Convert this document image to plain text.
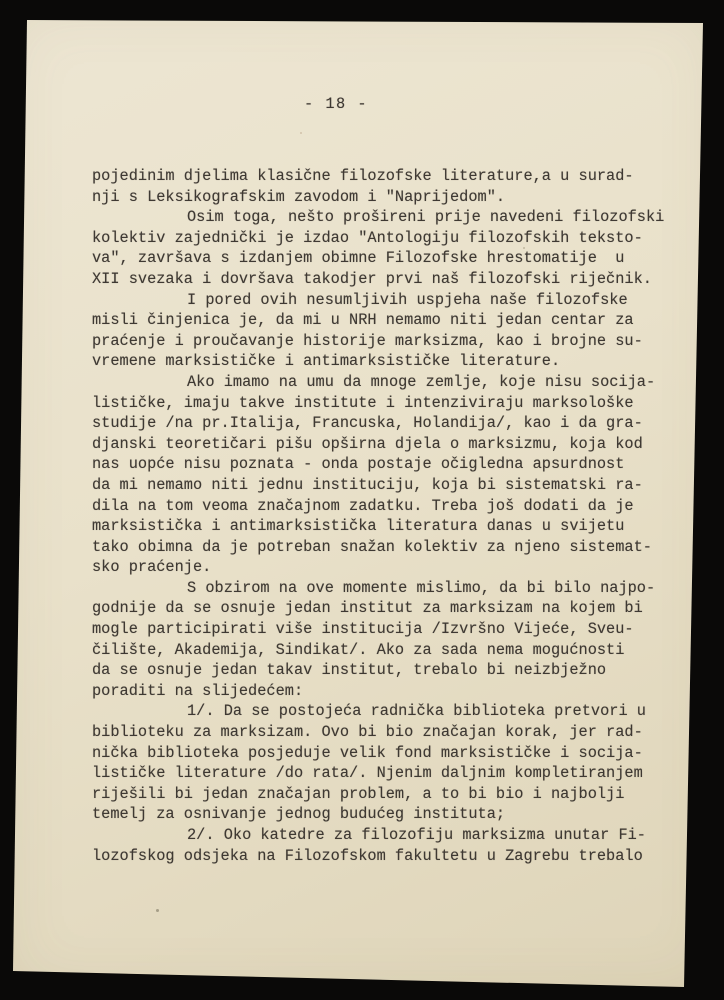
- 18 -
pojedinim djelima klasične filozofske literature,a u surad-
nji s Leksikografskim zavodom i "Naprijedom".
Osim toga, nešto prošireni prije navedeni filozofski
kolektiv zajednički je izdao "Antologiju filozofskih teksto-
va", završava s izdanjem obimne Filozofske hrestomatije  u
XII svezaka i dovršava takodjer prvi naš filozofski riječnik.
I pored ovih nesumljivih uspjeha naše filozofske
misli činjenica je, da mi u NRH nemamo niti jedan centar za
praćenje i proučavanje historije marksizma, kao i brojne su-
vremene marksističke i antimarksističke literature.
Ako imamo na umu da mnoge zemlje, koje nisu socija-
lističke, imaju takve institute i intenziviraju marksološke
studije /na pr.Italija, Francuska, Holandija/, kao i da gra-
djanski teoretičari pišu opširna djela o marksizmu, koja kod
nas uopće nisu poznata - onda postaje očigledna apsurdnost
da mi nemamo niti jednu instituciju, koja bi sistematski ra-
dila na tom veoma značajnom zadatku. Treba još dodati da je
marksistička i antimarksistička literatura danas u svijetu
tako obimna da je potreban snažan kolektiv za njeno sistemat-
sko praćenje.
S obzirom na ove momente mislimo, da bi bilo najpo-
godnije da se osnuje jedan institut za marksizam na kojem bi
mogle participirati više institucija /Izvršno Vijeće, Sveu-
čilište, Akademija, Sindikat/. Ako za sada nema mogućnosti
da se osnuje jedan takav institut, trebalo bi neizbježno
poraditi na slijedećem:
1/. Da se postojeća radnička biblioteka pretvori u
biblioteku za marksizam. Ovo bi bio značajan korak, jer rad-
nička biblioteka posjeduje velik fond marksističke i socija-
lističke literature /do rata/. Njenim daljnim kompletiranjem
riješili bi jedan značajan problem, a to bi bio i najbolji
temelj za osnivanje jednog budućeg instituta;
2/. Oko katedre za filozofiju marksizma unutar Fi-
lozofskog odsjeka na Filozofskom fakultetu u Zagrebu trebalo
